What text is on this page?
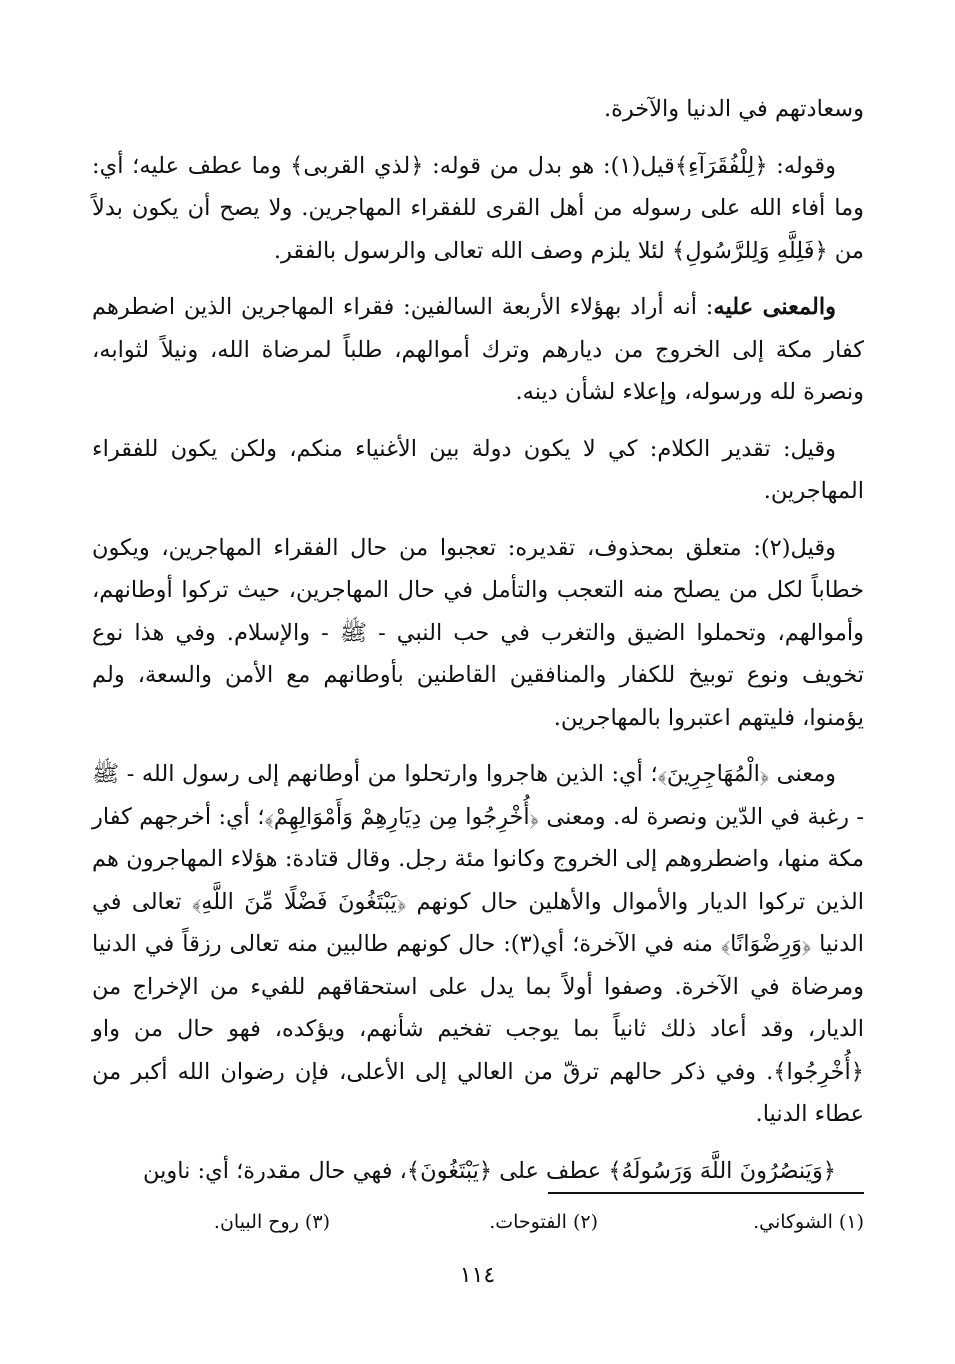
وسعادتهم في الدنيا والآخرة.

وقوله: ﴿لِلْفُقَرَآءِ﴾قيل(١): هو بدل من قوله: ﴿لذي القربى﴾ وما عطف عليه؛ أي: وما أفاء الله على رسوله من أهل القرى للفقراء المهاجرين. ولا يصح أن يكون بدلاً من ﴿فَلِلَّهِ وَلِلرَّسُولِ﴾ لئلا يلزم وصف الله تعالى والرسول بالفقر.

والمعنى عليه: أنه أراد بهؤلاء الأربعة السالفين: فقراء المهاجرين الذين اضطرهم كفار مكة إلى الخروج من ديارهم وترك أموالهم، طلباً لمرضاة الله، ونيلاً لثوابه، ونصرة لله ورسوله، وإعلاء لشأن دينه.

وقيل: تقدير الكلام: كي لا يكون دولة بين الأغنياء منكم، ولكن يكون للفقراء المهاجرين.

وقيل(٢): متعلق بمحذوف، تقديره: تعجبوا من حال الفقراء المهاجرين، ويكون خطاباً لكل من يصلح منه التعجب والتأمل في حال المهاجرين، حيث تركوا أوطانهم، وأموالهم، وتحملوا الضيق والتغرب في حب النبي - ﷺ - والإسلام. وفي هذا نوع تخويف ونوع توبيخ للكفار والمنافقين القاطنين بأوطانهم مع الأمن والسعة، ولم يؤمنوا، فليتهم اعتبروا بالمهاجرين.

ومعنى ﴿الْمُهَاجِرِينَ﴾؛ أي: الذين هاجروا وارتحلوا من أوطانهم إلى رسول الله - ﷺ - رغبة في الدّين ونصرة له. ومعنى ﴿أُخْرِجُوا مِن دِيَارِهِمْ وَأَمْوَالِهِمْ﴾؛ أي: أخرجهم كفار مكة منها، واضطروهم إلى الخروج وكانوا مئة رجل. وقال قتادة: هؤلاء المهاجرون هم الذين تركوا الديار والأموال والأهلين حال كونهم ﴿يَبْتَغُونَ فَضْلًا مِّنَ اللَّهِ﴾ تعالى في الدنيا ﴿وَرِضْوَانًا﴾ منه في الآخرة؛ أي(٣): حال كونهم طالبين منه تعالى رزقاً في الدنيا ومرضاة في الآخرة. وصفوا أولاً بما يدل على استحقاقهم للفيء من الإخراج من الديار، وقد أعاد ذلك ثانياً بما يوجب تفخيم شأنهم، ويؤكده، فهو حال من واو ﴿أُخْرِجُوا﴾. وفي ذكر حالهم ترقّ من العالي إلى الأعلى، فإن رضوان الله أكبر من عطاء الدنيا.

﴿وَيَنصُرُونَ اللَّهَ وَرَسُولَهُ﴾ عطف على ﴿يَبْتَغُونَ﴾، فهي حال مقدرة؛ أي: ناوين

(١) الشوكاني.
(٢) الفتوحات.
(٣) روح البيان.
١١٤
